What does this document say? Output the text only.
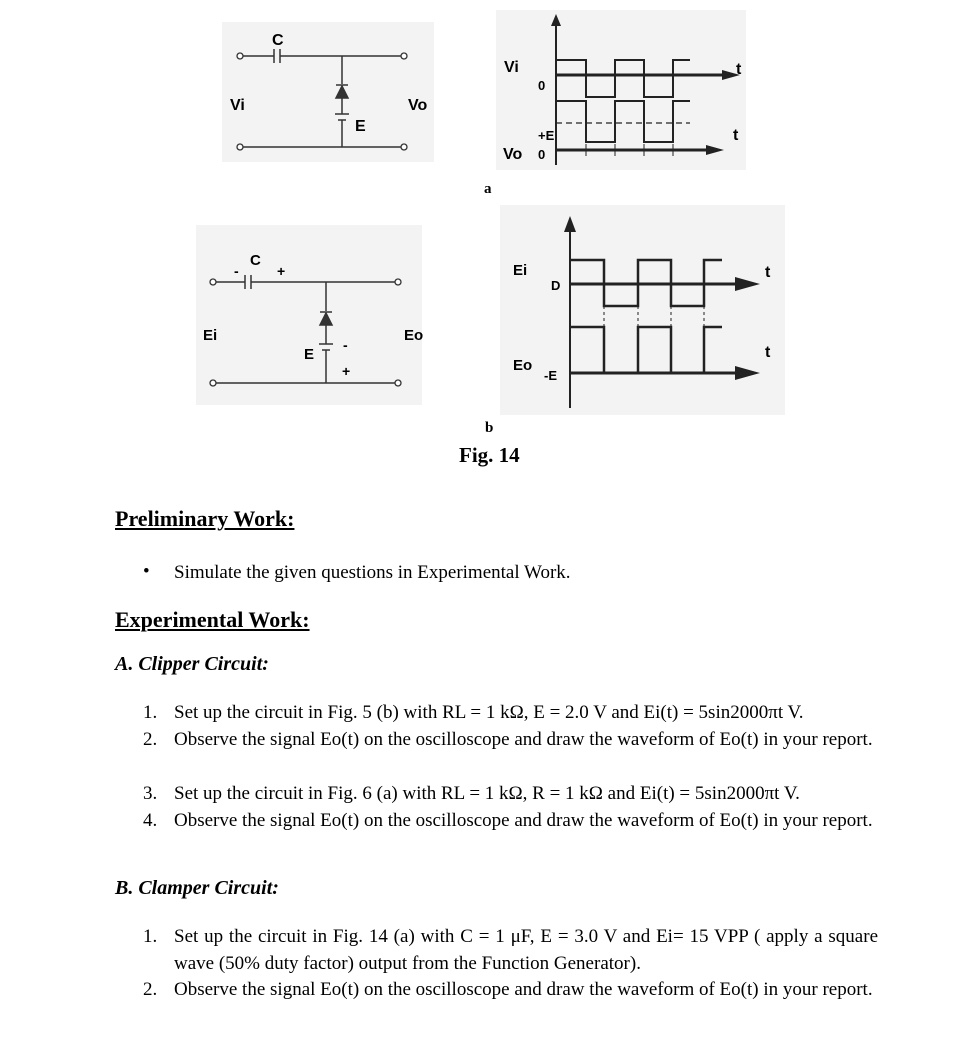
C
Vi	Vo
E
Vi
0
Vo
+E
0
t
t
a
C
-	+
Ei	Eo
E
-
+
Ei
D
Eo
-E
t
t
b
Fig. 14
Preliminary Work:
• Simulate the given questions in Experimental Work.
Experimental Work:
A. Clipper Circuit:
1. Set up the circuit in Fig. 5 (b) with RL = 1 kΩ, E = 2.0 V and Ei(t) = 5sin2000πt V.
2. Observe the signal Eo(t) on the oscilloscope and draw the waveform of Eo(t) in your report.
3. Set up the circuit in Fig. 6 (a) with RL = 1 kΩ, R = 1 kΩ and Ei(t) = 5sin2000πt V.
4. Observe the signal Eo(t) on the oscilloscope and draw the waveform of Eo(t) in your report.
B. Clamper Circuit:
1. Set up the circuit in Fig. 14 (a) with C = 1 μF, E = 3.0 V and Ei= 15 VPP ( apply a square wave (50% duty factor) output from the Function Generator).
2. Observe the signal Eo(t) on the oscilloscope and draw the waveform of Eo(t) in your report.
